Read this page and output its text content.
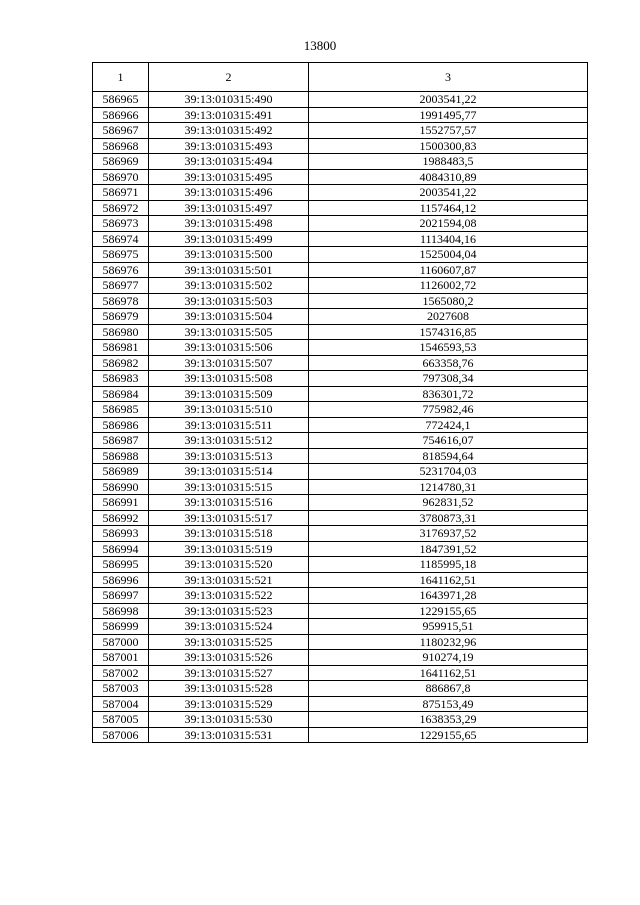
13800
1	2	3
586965	39:13:010315:490	2003541,22
586966	39:13:010315:491	1991495,77
586967	39:13:010315:492	1552757,57
586968	39:13:010315:493	1500300,83
586969	39:13:010315:494	1988483,5
586970	39:13:010315:495	4084310,89
586971	39:13:010315:496	2003541,22
586972	39:13:010315:497	1157464,12
586973	39:13:010315:498	2021594,08
586974	39:13:010315:499	1113404,16
586975	39:13:010315:500	1525004,04
586976	39:13:010315:501	1160607,87
586977	39:13:010315:502	1126002,72
586978	39:13:010315:503	1565080,2
586979	39:13:010315:504	2027608
586980	39:13:010315:505	1574316,85
586981	39:13:010315:506	1546593,53
586982	39:13:010315:507	663358,76
586983	39:13:010315:508	797308,34
586984	39:13:010315:509	836301,72
586985	39:13:010315:510	775982,46
586986	39:13:010315:511	772424,1
586987	39:13:010315:512	754616,07
586988	39:13:010315:513	818594,64
586989	39:13:010315:514	5231704,03
586990	39:13:010315:515	1214780,31
586991	39:13:010315:516	962831,52
586992	39:13:010315:517	3780873,31
586993	39:13:010315:518	3176937,52
586994	39:13:010315:519	1847391,52
586995	39:13:010315:520	1185995,18
586996	39:13:010315:521	1641162,51
586997	39:13:010315:522	1643971,28
586998	39:13:010315:523	1229155,65
586999	39:13:010315:524	959915,51
587000	39:13:010315:525	1180232,96
587001	39:13:010315:526	910274,19
587002	39:13:010315:527	1641162,51
587003	39:13:010315:528	886867,8
587004	39:13:010315:529	875153,49
587005	39:13:010315:530	1638353,29
587006	39:13:010315:531	1229155,65
